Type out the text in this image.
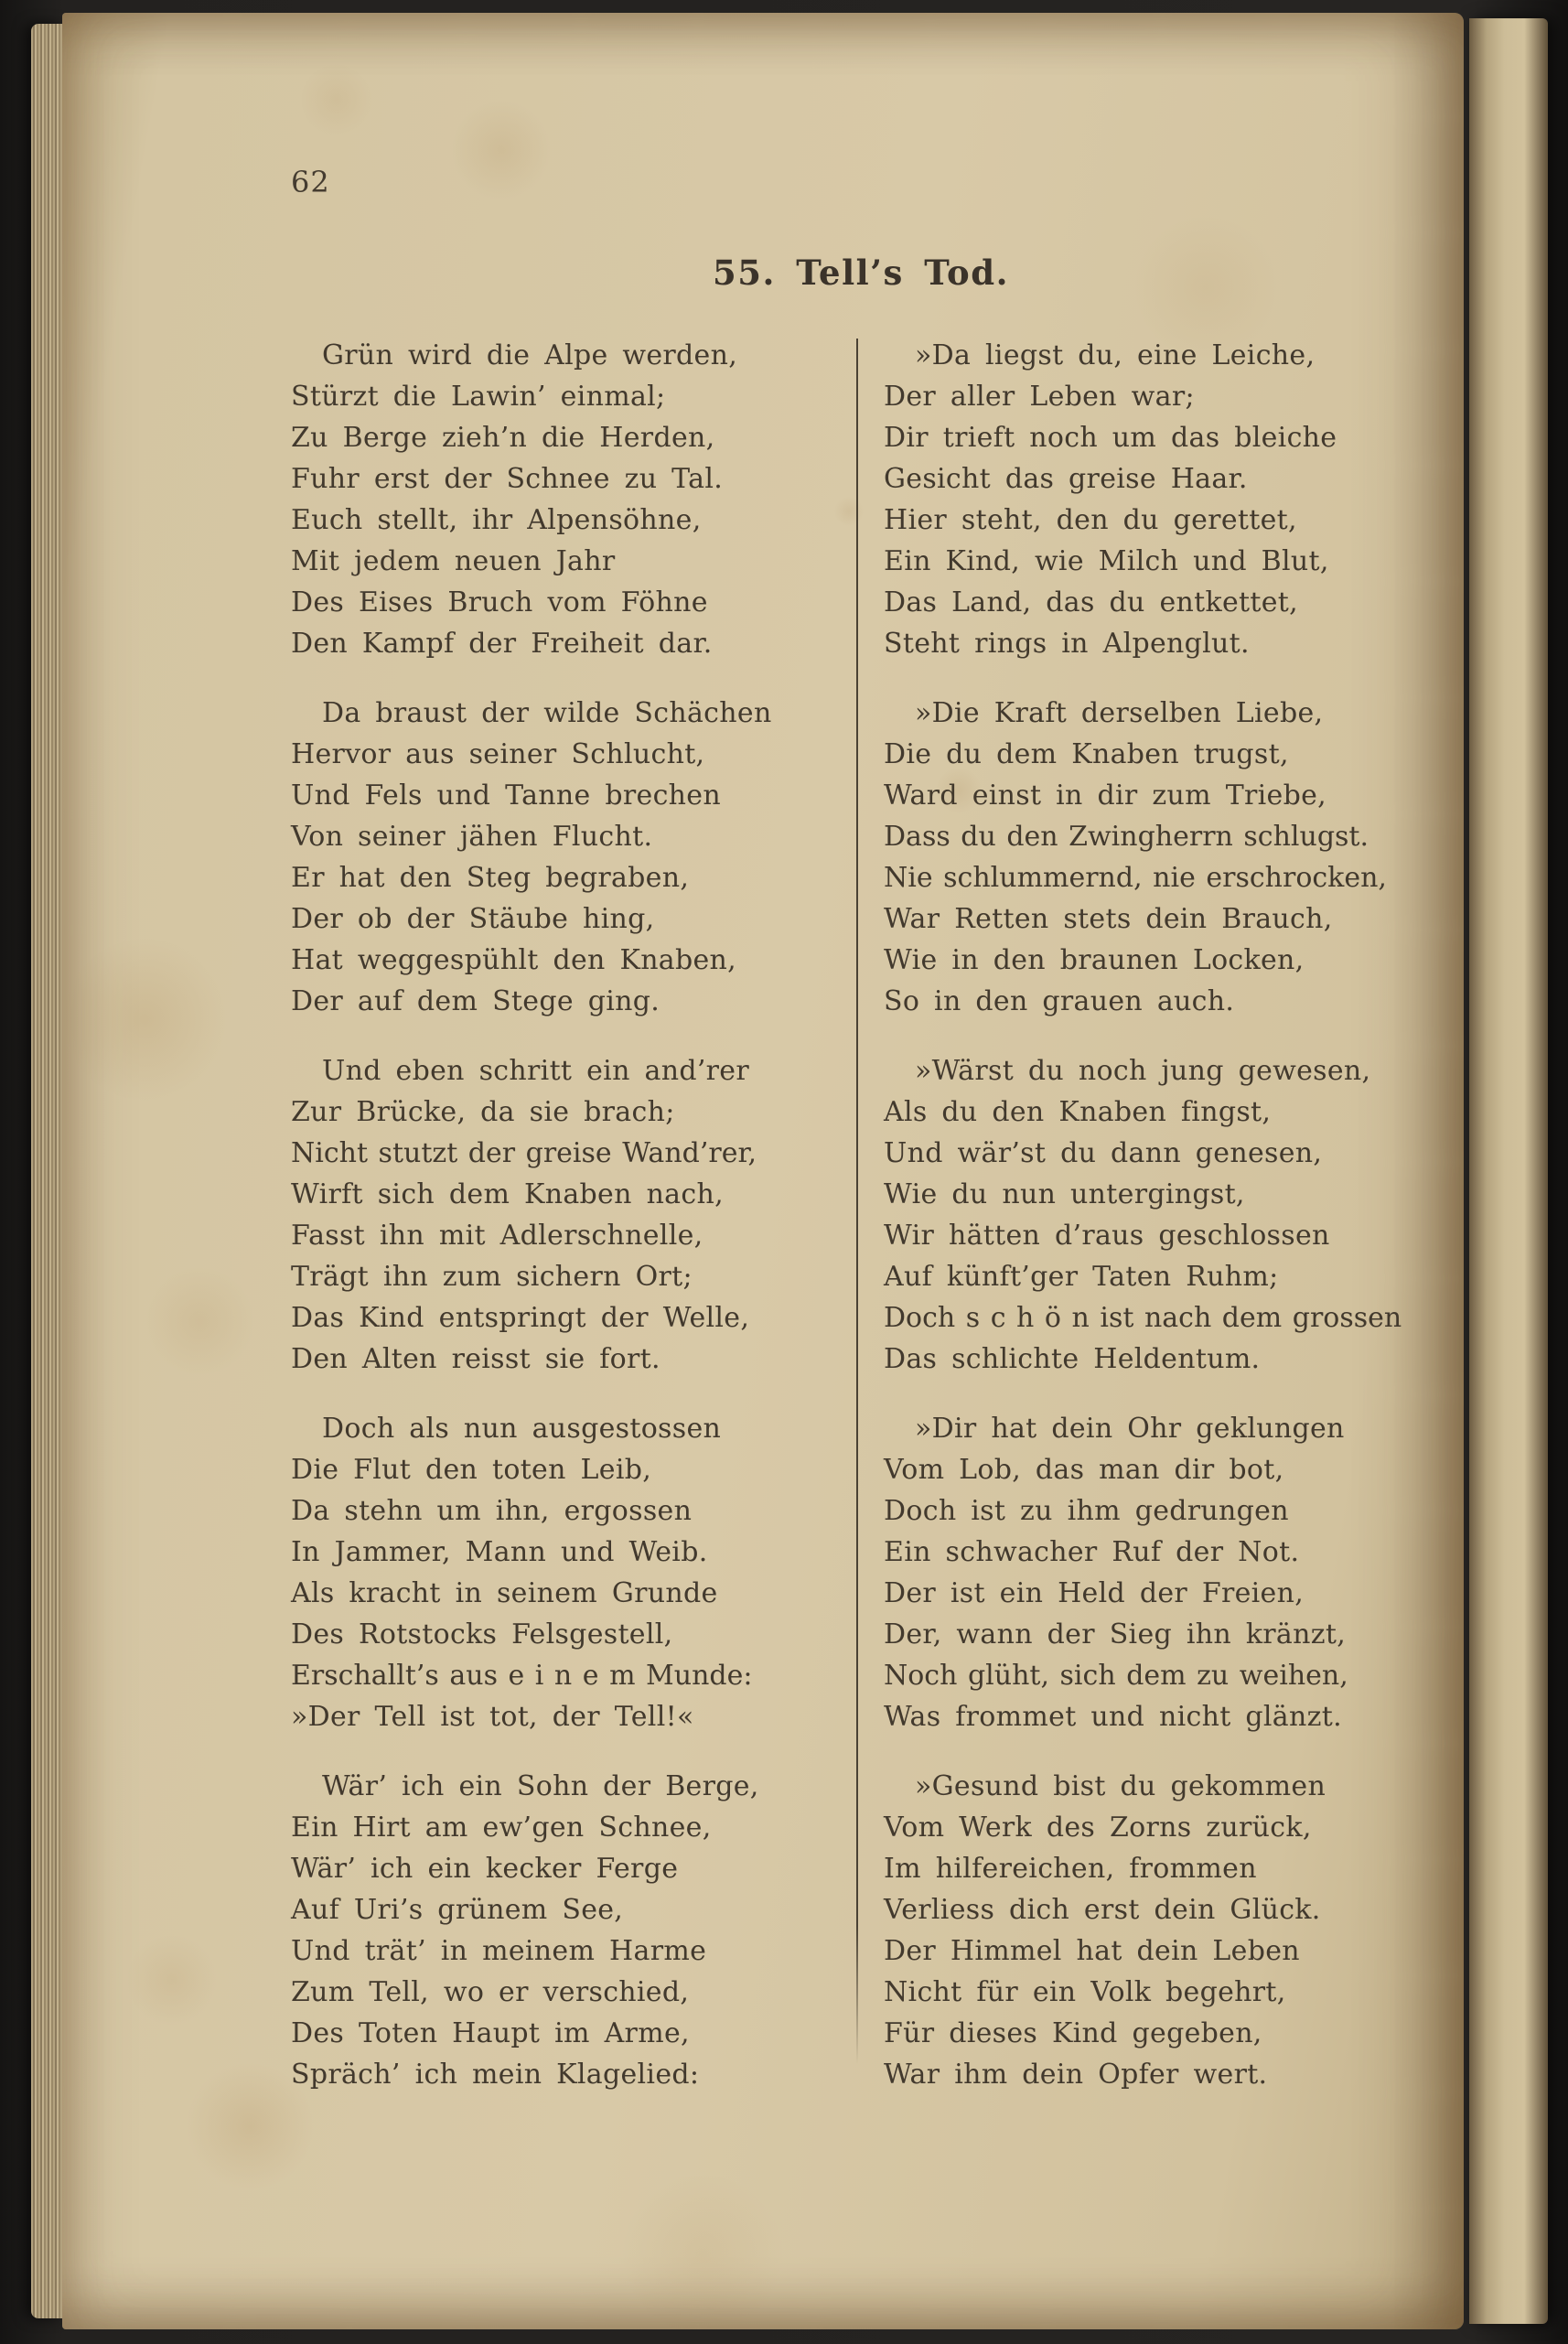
62
55. Tell’s Tod.

Grün wird die Alpe werden,

Stürzt die Lawin’ einmal;

Zu Berge zieh’n die Herden,

Fuhr erst der Schnee zu Tal.

Euch stellt, ihr Alpensöhne,

Mit jedem neuen Jahr

Des Eises Bruch vom Föhne

Den Kampf der Freiheit dar.

Da braust der wilde Schächen

Hervor aus seiner Schlucht,

Und Fels und Tanne brechen

Von seiner jähen Flucht.

Er hat den Steg begraben,

Der ob der Stäube hing,

Hat weggespühlt den Knaben,

Der auf dem Stege ging.

Und eben schritt ein and’rer

Zur Brücke, da sie brach;

Nicht stutzt der greise Wand’rer,

Wirft sich dem Knaben nach,

Fasst ihn mit Adlerschnelle,

Trägt ihn zum sichern Ort;

Das Kind entspringt der Welle,

Den Alten reisst sie fort.

Doch als nun ausgestossen

Die Flut den toten Leib,

Da stehn um ihn, ergossen

In Jammer, Mann und Weib.

Als kracht in seinem Grunde

Des Rotstocks Felsgestell,

Erschallt’s aus e i n e m Munde:

»Der Tell ist tot, der Tell!«

Wär’ ich ein Sohn der Berge,

Ein Hirt am ew’gen Schnee,

Wär’ ich ein kecker Ferge

Auf Uri’s grünem See,

Und trät’ in meinem Harme

Zum Tell, wo er verschied,

Des Toten Haupt im Arme,

Spräch’ ich mein Klagelied:

»Da liegst du, eine Leiche,

Der aller Leben war;

Dir trieft noch um das bleiche

Gesicht das greise Haar.

Hier steht, den du gerettet,

Ein Kind, wie Milch und Blut,

Das Land, das du entkettet,

Steht rings in Alpenglut.

»Die Kraft derselben Liebe,

Die du dem Knaben trugst,

Ward einst in dir zum Triebe,

Dass du den Zwingherrn schlugst.

Nie schlummernd, nie erschrocken,

War Retten stets dein Brauch,

Wie in den braunen Locken,

So in den grauen auch.

»Wärst du noch jung gewesen,

Als du den Knaben fingst,

Und wär’st du dann genesen,

Wie du nun untergingst,

Wir hätten d’raus geschlossen

Auf künft’ger Taten Ruhm;

Doch s c h ö n ist nach dem grossen

Das schlichte Heldentum.

»Dir hat dein Ohr geklungen

Vom Lob, das man dir bot,

Doch ist zu ihm gedrungen

Ein schwacher Ruf der Not.

Der ist ein Held der Freien,

Der, wann der Sieg ihn kränzt,

Noch glüht, sich dem zu weihen,

Was frommet und nicht glänzt.

»Gesund bist du gekommen

Vom Werk des Zorns zurück,

Im hilfereichen, frommen

Verliess dich erst dein Glück.

Der Himmel hat dein Leben

Nicht für ein Volk begehrt,

Für dieses Kind gegeben,

War ihm dein Opfer wert.
